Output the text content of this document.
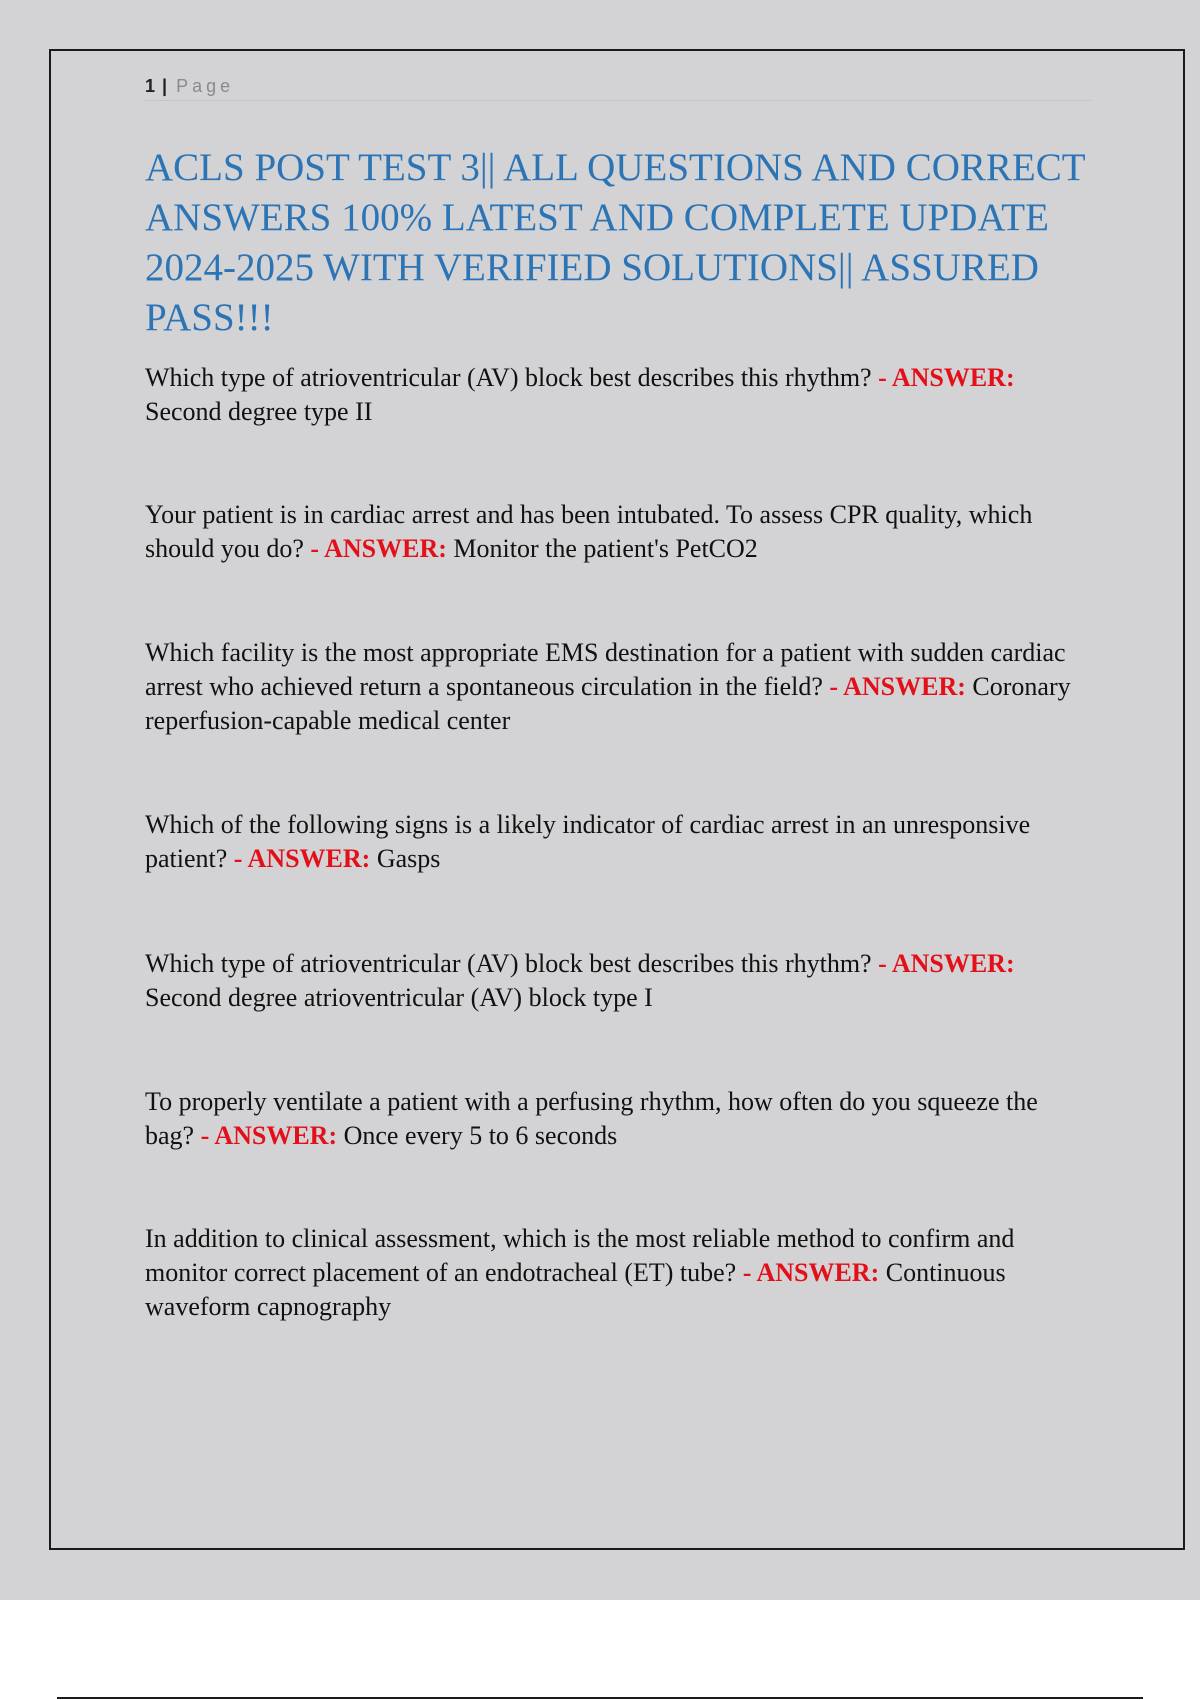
1 | Page
ACLS POST TEST 3|| ALL QUESTIONS AND CORRECT ANSWERS 100% LATEST AND COMPLETE UPDATE 2024-2025 WITH VERIFIED SOLUTIONS|| ASSURED PASS!!!

Which type of atrioventricular (AV) block best describes this rhythm? - ANSWER: Second degree type II

Your patient is in cardiac arrest and has been intubated. To assess CPR quality, which should you do? - ANSWER: Monitor the patient's PetCO2

Which facility is the most appropriate EMS destination for a patient with sudden cardiac arrest who achieved return a spontaneous circulation in the field? - ANSWER: Coronary reperfusion-capable medical center

Which of the following signs is a likely indicator of cardiac arrest in an unresponsive patient? - ANSWER: Gasps

Which type of atrioventricular (AV) block best describes this rhythm? - ANSWER: Second degree atrioventricular (AV) block type I

To properly ventilate a patient with a perfusing rhythm, how often do you squeeze the bag? - ANSWER: Once every 5 to 6 seconds

In addition to clinical assessment, which is the most reliable method to confirm and monitor correct placement of an endotracheal (ET) tube? - ANSWER: Continuous waveform capnography
